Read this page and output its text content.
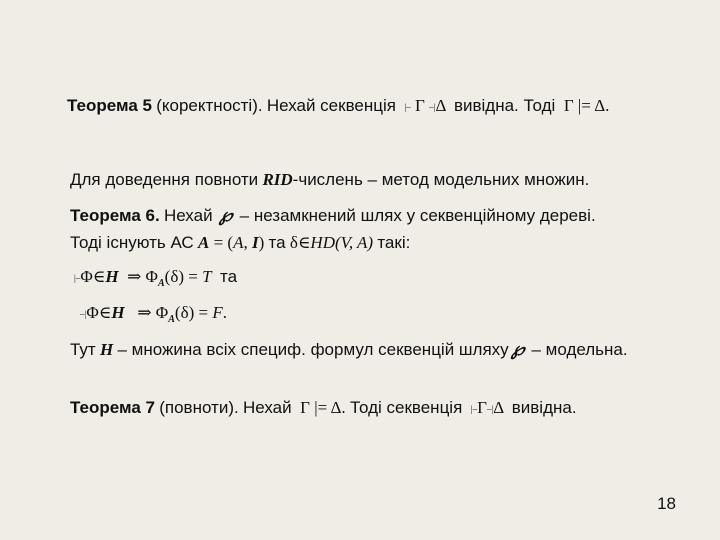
Теорема 5 (коректності). Нехай секвенція |– Γ –|Δ вивідна. Тоді Γ |= Δ.
Для доведення повноти RID-числень – метод модельних множин.
Теорема 6. Нехай ℘ – незамкнений шлях у секвенційному дереві.
Тоді існують АС A = (A, I) та δ∈HD(V, A) такі:
|–Φ∈H ⇒ $\Phi_A(\delta) = T$ та
–|Φ∈H ⇒ $\Phi_A(\delta) = F$.
Тут H – множина всіх специф. формул секвенцій шляху℘ – модельна.
Теорема 7 (повноти). Нехай Γ |= Δ. Тоді секвенція |–Γ–|Δ вивідна.
18
